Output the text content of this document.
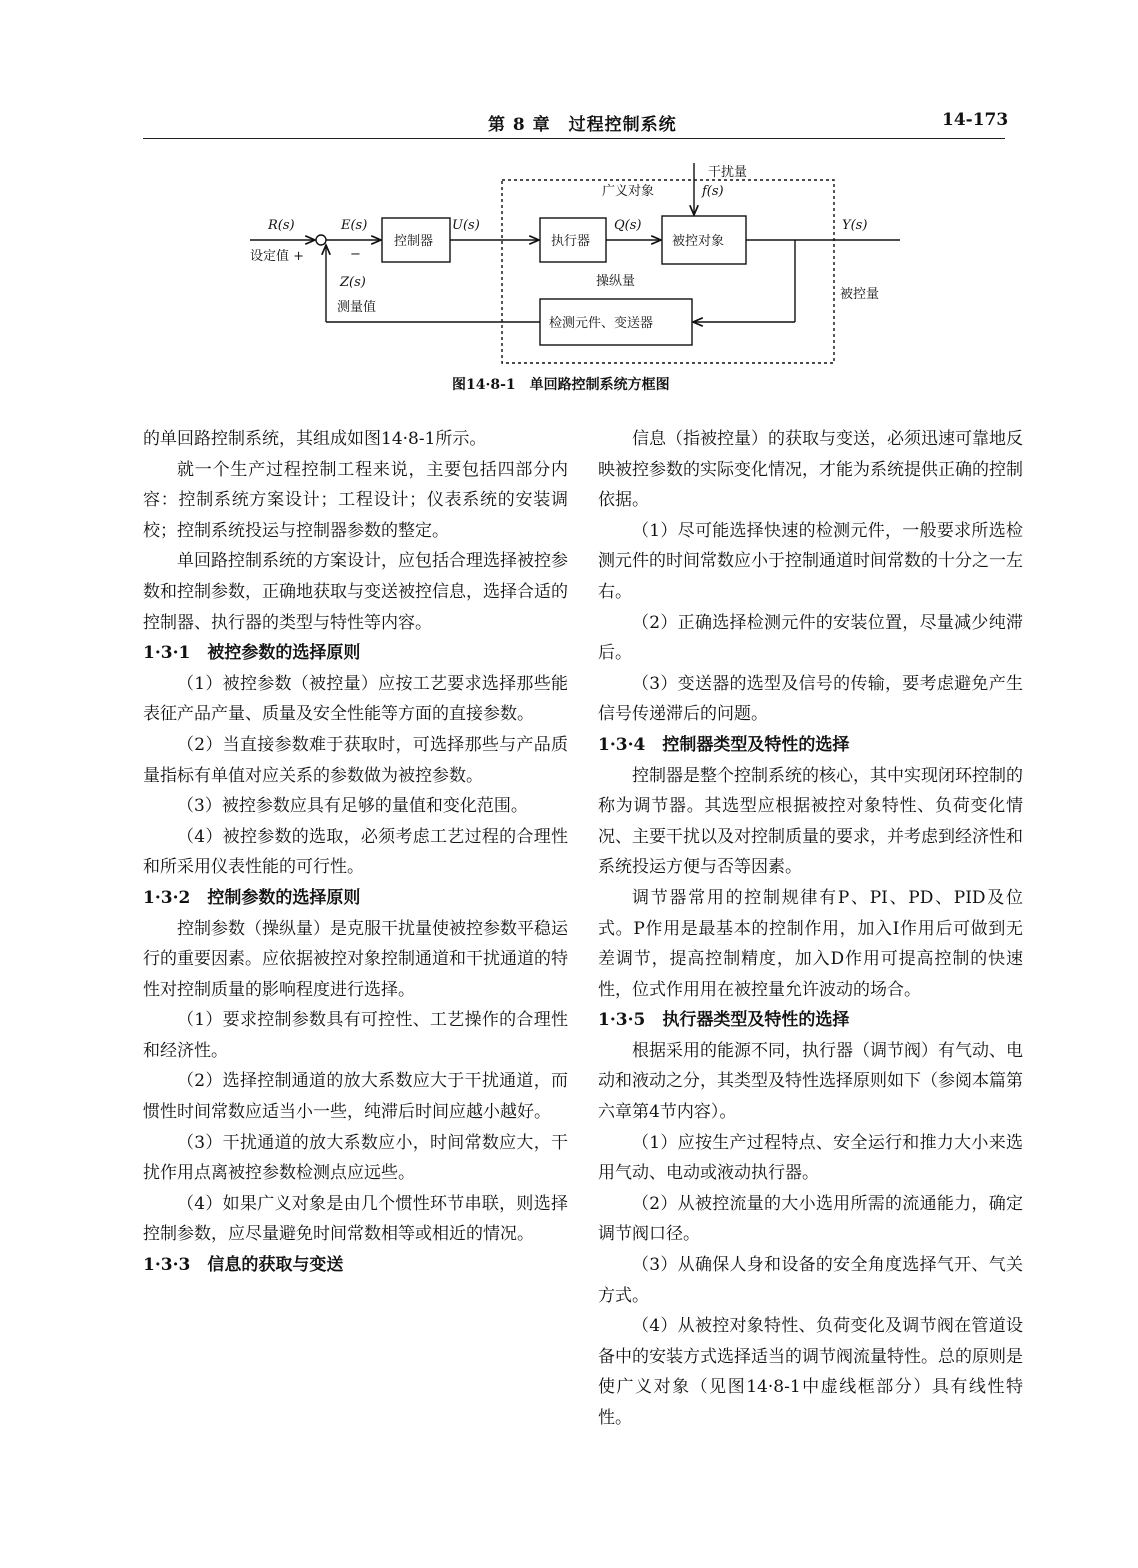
第 8 章　过程控制系统	14-173
R(s)
设定值 +
E(s)
−
控制器
U(s)
执行器
Q(s)
被控对象
Y(s)
被控量
广义对象
干扰量
f(s)
操纵量
Z(s)
测量值
检测元件、变送器
图14·8-1　单回路控制系统方框图

的单回路控制系统，其组成如图14·8-1所示。

就一个生产过程控制工程来说，主要包括四部分内容：控制系统方案设计；工程设计；仪表系统的安装调校；控制系统投运与控制器参数的整定。

单回路控制系统的方案设计，应包括合理选择被控参数和控制参数，正确地获取与变送被控信息，选择合适的控制器、执行器的类型与特性等内容。

1·3·1　被控参数的选择原则

（1）被控参数（被控量）应按工艺要求选择那些能表征产品产量、质量及安全性能等方面的直接参数。

（2）当直接参数难于获取时，可选择那些与产品质量指标有单值对应关系的参数做为被控参数。

（3）被控参数应具有足够的量值和变化范围。

（4）被控参数的选取，必须考虑工艺过程的合理性和所采用仪表性能的可行性。

1·3·2　控制参数的选择原则

控制参数（操纵量）是克服干扰量使被控参数平稳运行的重要因素。应依据被控对象控制通道和干扰通道的特性对控制质量的影响程度进行选择。

（1）要求控制参数具有可控性、工艺操作的合理性和经济性。

（2）选择控制通道的放大系数应大于干扰通道，而惯性时间常数应适当小一些，纯滞后时间应越小越好。

（3）干扰通道的放大系数应小，时间常数应大，干扰作用点离被控参数检测点应远些。

（4）如果广义对象是由几个惯性环节串联，则选择控制参数，应尽量避免时间常数相等或相近的情况。

1·3·3　信息的获取与变送

信息（指被控量）的获取与变送，必须迅速可靠地反映被控参数的实际变化情况，才能为系统提供正确的控制依据。

（1）尽可能选择快速的检测元件，一般要求所选检测元件的时间常数应小于控制通道时间常数的十分之一左右。

（2）正确选择检测元件的安装位置，尽量减少纯滞后。

（3）变送器的选型及信号的传输，要考虑避免产生信号传递滞后的问题。

1·3·4　控制器类型及特性的选择

控制器是整个控制系统的核心，其中实现闭环控制的称为调节器。其选型应根据被控对象特性、负荷变化情况、主要干扰以及对控制质量的要求，并考虑到经济性和系统投运方便与否等因素。

调节器常用的控制规律有P、PI、PD、PID及位式。P作用是最基本的控制作用，加入I作用后可做到无差调节，提高控制精度，加入D作用可提高控制的快速性，位式作用用在被控量允许波动的场合。

1·3·5　执行器类型及特性的选择

根据采用的能源不同，执行器（调节阀）有气动、电动和液动之分，其类型及特性选择原则如下（参阅本篇第六章第4节内容）。

（1）应按生产过程特点、安全运行和推力大小来选用气动、电动或液动执行器。

（2）从被控流量的大小选用所需的流通能力，确定调节阀口径。

（3）从确保人身和设备的安全角度选择气开、气关方式。

（4）从被控对象特性、负荷变化及调节阀在管道设备中的安装方式选择适当的调节阀流量特性。总的原则是使广义对象（见图14·8-1中虚线框部分）具有线性特性。
